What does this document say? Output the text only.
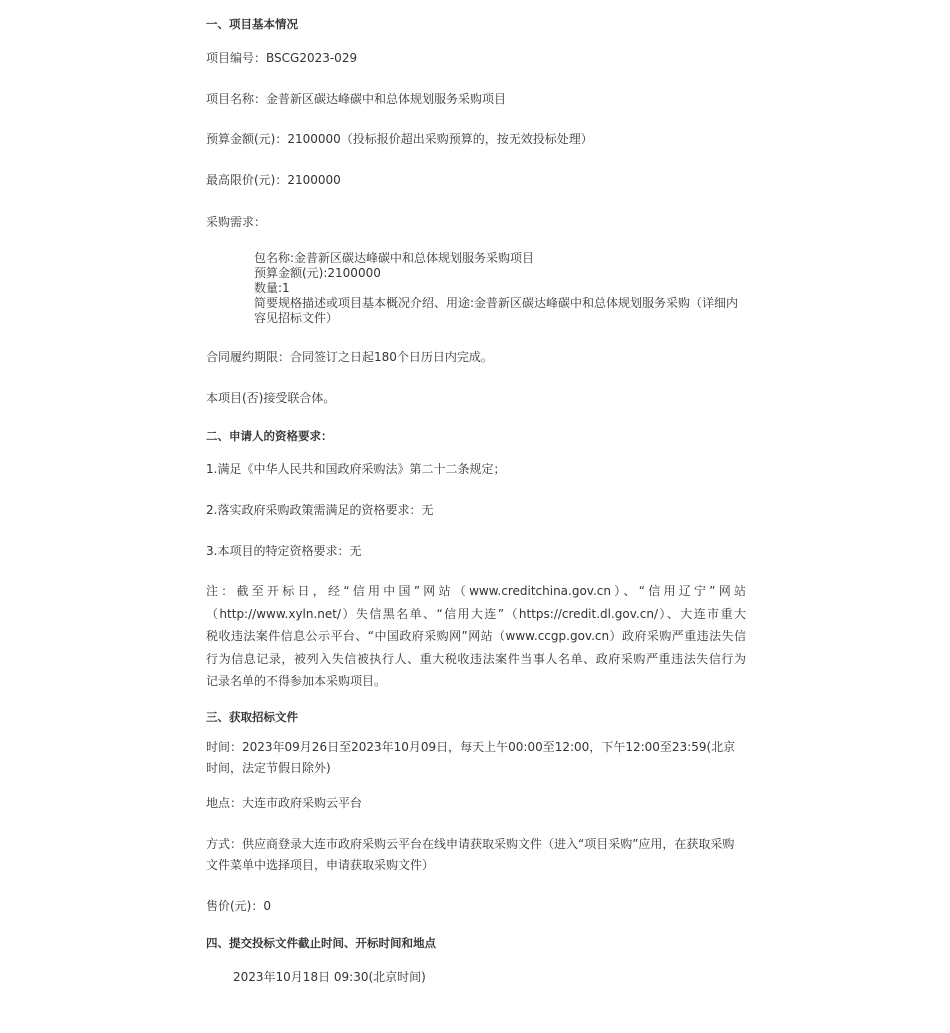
一、项目基本情况
项目编号：BSCG2023-029
项目名称：金普新区碳达峰碳中和总体规划服务采购项目
预算金额(元)：2100000（投标报价超出采购预算的，按无效投标处理）
最高限价(元)：2100000
采购需求：
包名称:金普新区碳达峰碳中和总体规划服务采购项目
预算金额(元):2100000
数量:1
简要规格描述或项目基本概况介绍、用途:金普新区碳达峰碳中和总体规划服务采购（详细内容见招标文件）
合同履约期限：合同签订之日起180个日历日内完成。
本项目(否)接受联合体。
二、申请人的资格要求：
1.满足《中华人民共和国政府采购法》第二十二条规定；
2.落实政府采购政策需满足的资格要求：无
3.本项目的特定资格要求：无
注：截至开标日，经“信用中国”网站（www.creditchina.gov.cn）、“信用辽宁”网站
（http://www.xyln.net/）失信黑名单、“信用大连”（https://credit.dl.gov.cn/）、大连市重大
税收违法案件信息公示平台、“中国政府采购网”网站（www.ccgp.gov.cn）政府采购严重违法失信
行为信息记录，被列入失信被执行人、重大税收违法案件当事人名单、政府采购严重违法失信行为
记录名单的不得参加本采购项目。
三、获取招标文件
时间：2023年09月26日至2023年10月09日，每天上午00:00至12:00，下午12:00至23:59(北京时间，法定节假日除外)
地点：大连市政府采购云平台
方式：供应商登录大连市政府采购云平台在线申请获取采购文件（进入“项目采购”应用，在获取采购文件菜单中选择项目，申请获取采购文件）
售价(元)：0
四、提交投标文件截止时间、开标时间和地点
2023年10月18日 09:30(北京时间)
